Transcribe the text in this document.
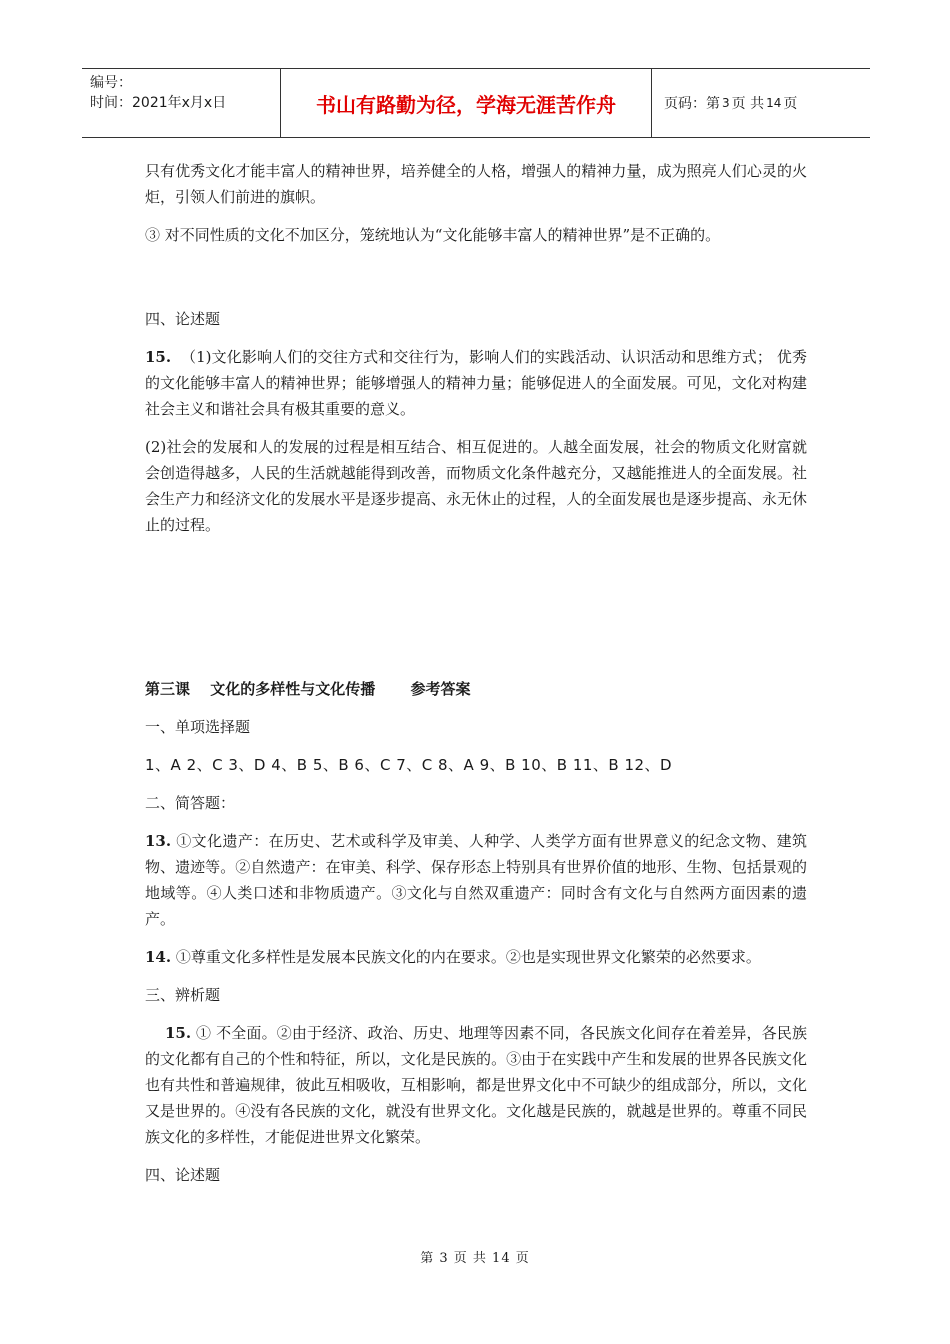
编号：
时间：2021年x月x日	书山有路勤为径，学海无涯苦作舟	页码：第 3 页 共 14 页

只有优秀文化才能丰富人的精神世界，培养健全的人格，增强人的精神力量，成为照亮人们心灵的火炬，引领人们前进的旗帜。

③ 对不同性质的文化不加区分，笼统地认为“文化能够丰富人的精神世界”是不正确的。

四、论述题

15. （1)文化影响人们的交往方式和交往行为，影响人们的实践活动、认识活动和思维方式； 优秀的文化能够丰富人的精神世界；能够增强人的精神力量；能够促进人的全面发展。可见，文化对构建社会主义和谐社会具有极其重要的意义。

(2)社会的发展和人的发展的过程是相互结合、相互促进的。人越全面发展，社会的物质文化财富就会创造得越多，人民的生活就越能得到改善，而物质文化条件越充分，又越能推进人的全面发展。社会生产力和经济文化的发展水平是逐步提高、永无休止的过程，人的全面发展也是逐步提高、永无休止的过程。

第三课　 文化的多样性与文化传播　　 参考答案

一、单项选择题

1、A 2、C 3、D 4、B 5、B 6、C 7、C 8、A 9、B 10、B 11、B 12、D

二、简答题：

13. ①文化遗产：在历史、艺术或科学及审美、人种学、人类学方面有世界意义的纪念文物、建筑物、遗迹等。②自然遗产：在审美、科学、保存形态上特别具有世界价值的地形、生物、包括景观的地域等。④人类口述和非物质遗产。③文化与自然双重遗产：同时含有文化与自然两方面因素的遗产。

14. ①尊重文化多样性是发展本民族文化的内在要求。②也是实现世界文化繁荣的必然要求。

三、辨析题

15. ① 不全面。②由于经济、政治、历史、地理等因素不同，各民族文化间存在着差异，各民族的文化都有自己的个性和特征，所以，文化是民族的。③由于在实践中产生和发展的世界各民族文化也有共性和普遍规律，彼此互相吸收，互相影响，都是世界文化中不可缺少的组成部分，所以，文化又是世界的。④没有各民族的文化，就没有世界文化。文化越是民族的，就越是世界的。尊重不同民族文化的多样性，才能促进世界文化繁荣。

四、论述题

第 3 页 共 14 页
